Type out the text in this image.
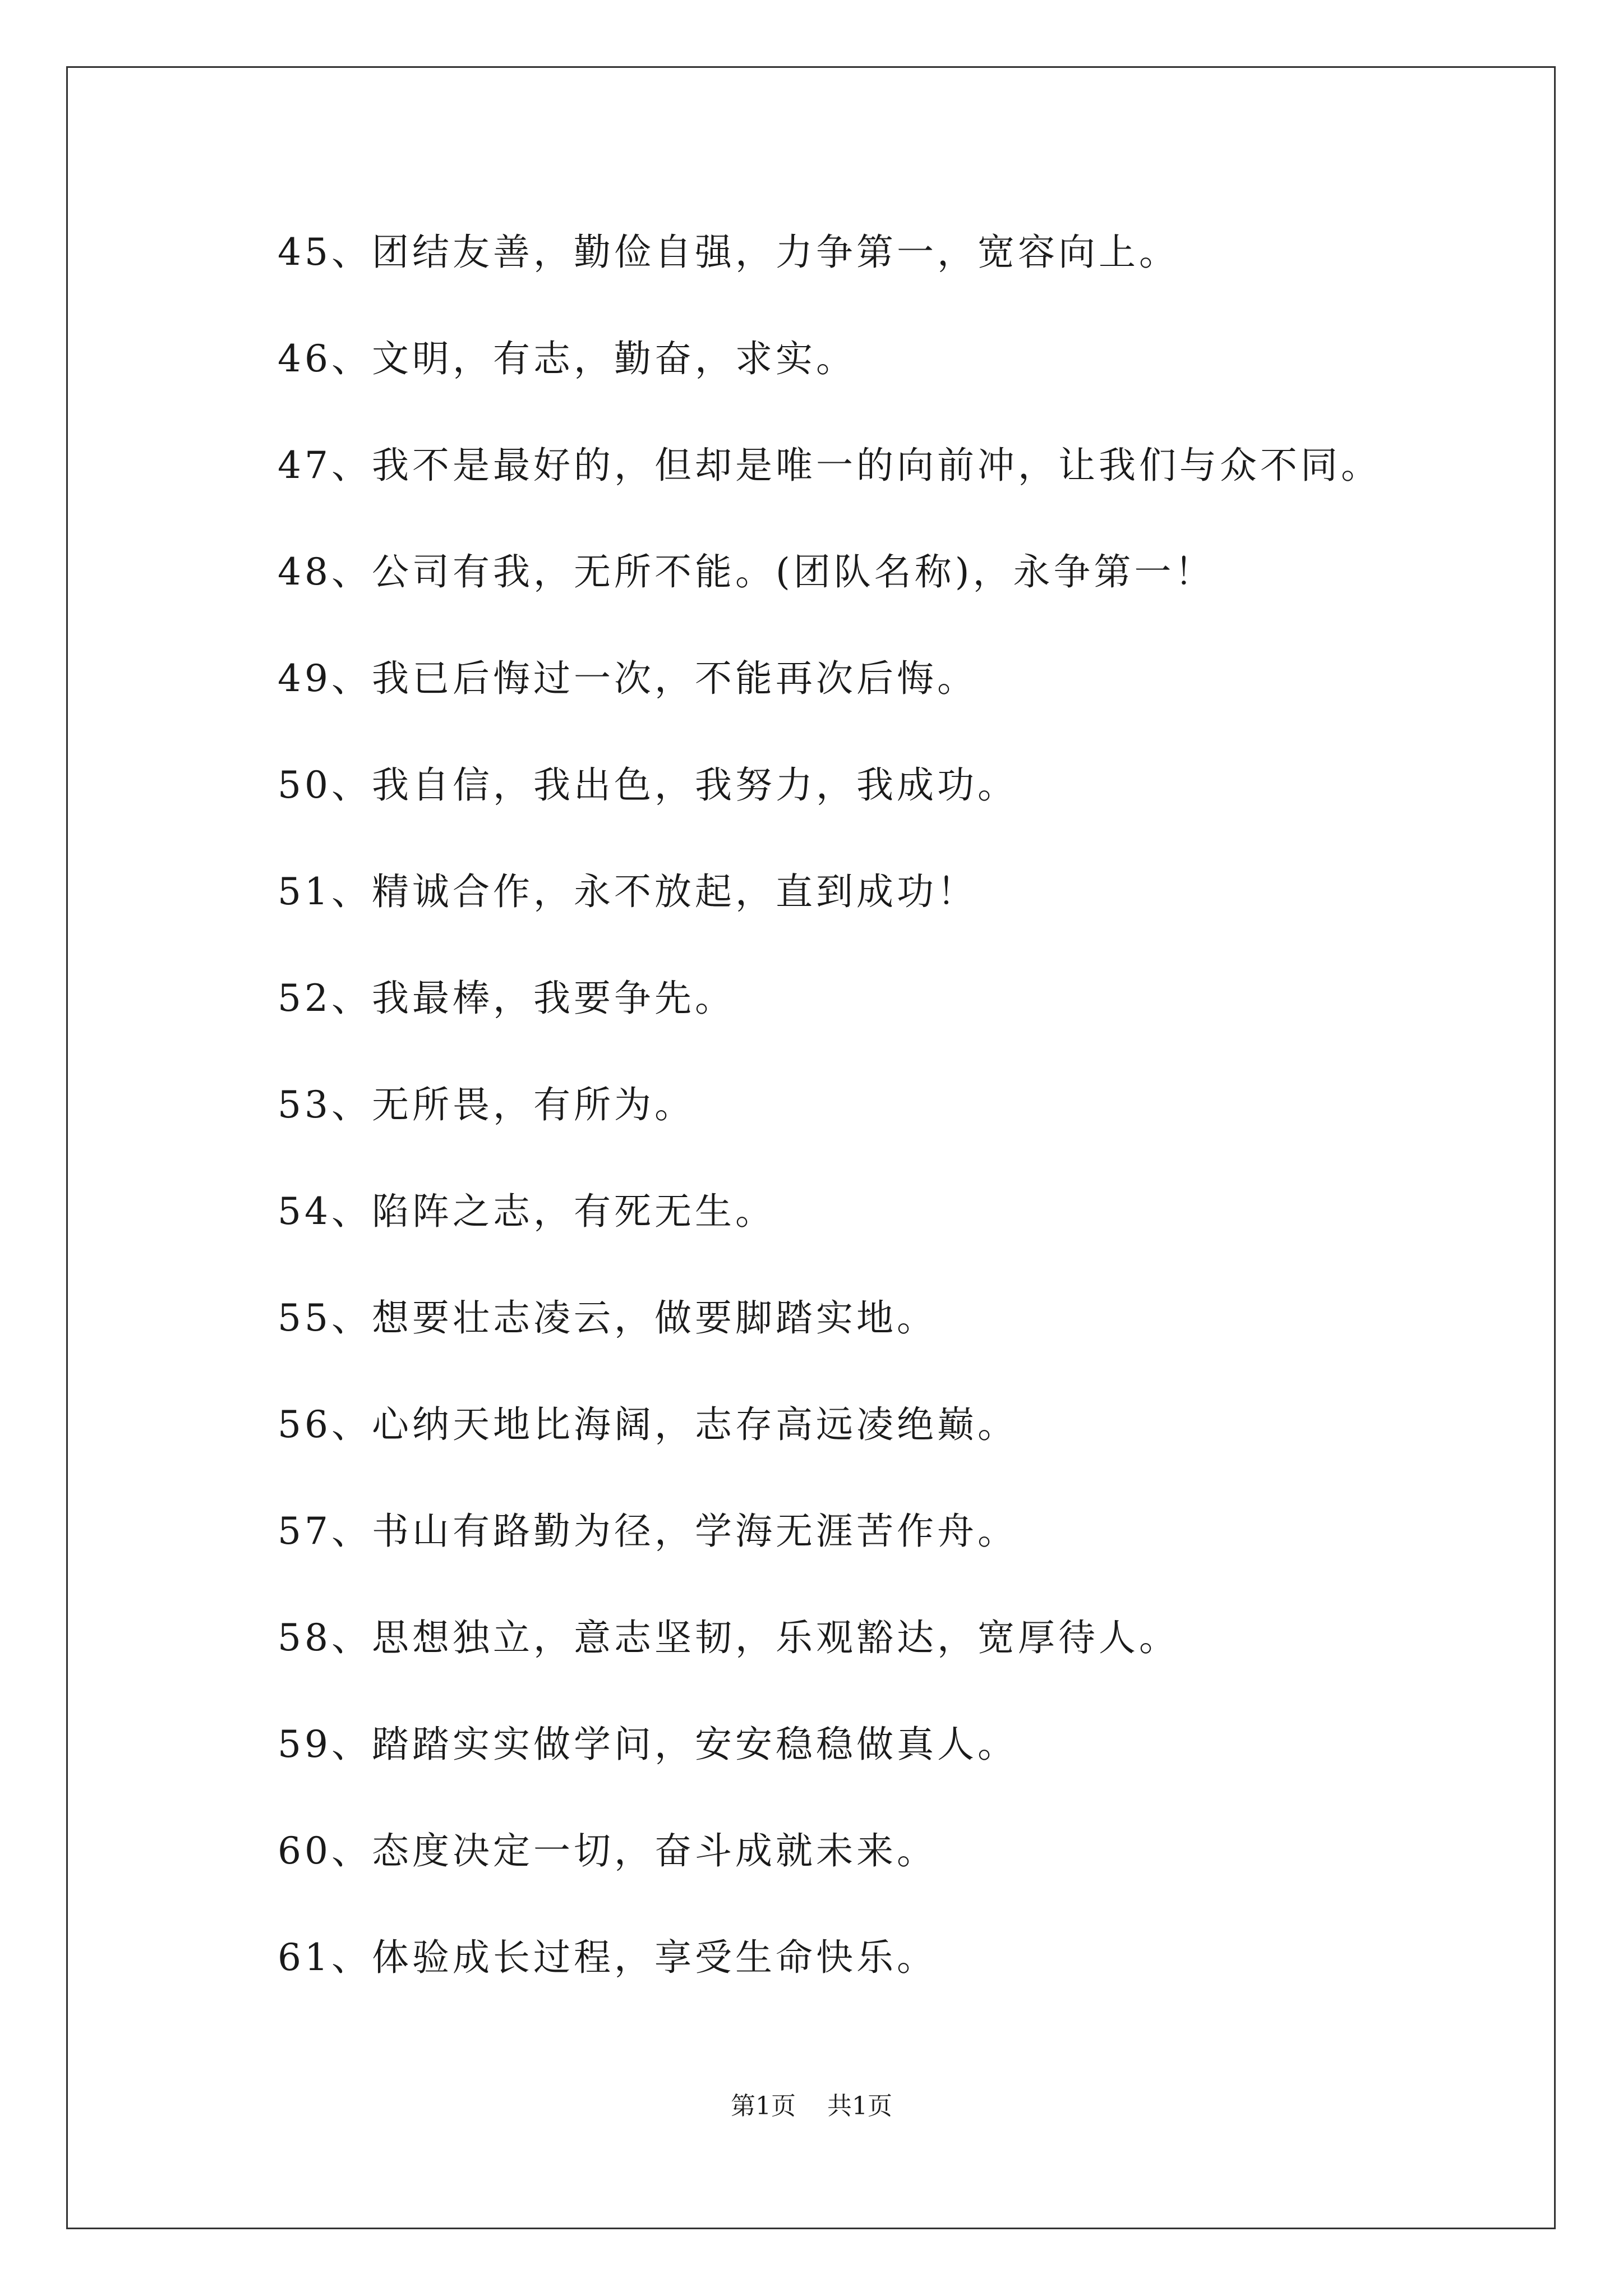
45 、 团结友善，勤俭自强，力争第一，宽容向上。
46 、 文明，有志，勤奋，求实。
47 、 我不是最好的，但却是唯一的向前冲，让我们与众不同。
48 、 公司有我，无所不能。(团队名称)，永争第一！
49 、 我已后悔过一次，不能再次后悔。
50 、 我自信，我出色，我努力，我成功。
51 、 精诚合作，永不放起，直到成功！
52 、 我最棒，我要争先。
53 、 无所畏，有所为。
54 、 陷阵之志，有死无生。
55 、 想要壮志凌云，做要脚踏实地。
56 、 心纳天地比海阔，志存高远凌绝巅。
57 、 书山有路勤为径，学海无涯苦作舟。
58 、 思想独立，意志坚韧，乐观豁达，宽厚待人。
59 、 踏踏实实做学问，安安稳稳做真人。
60 、 态度决定一切，奋斗成就未来。
61 、 体验成长过程，享受生命快乐。
第1页 共1页
